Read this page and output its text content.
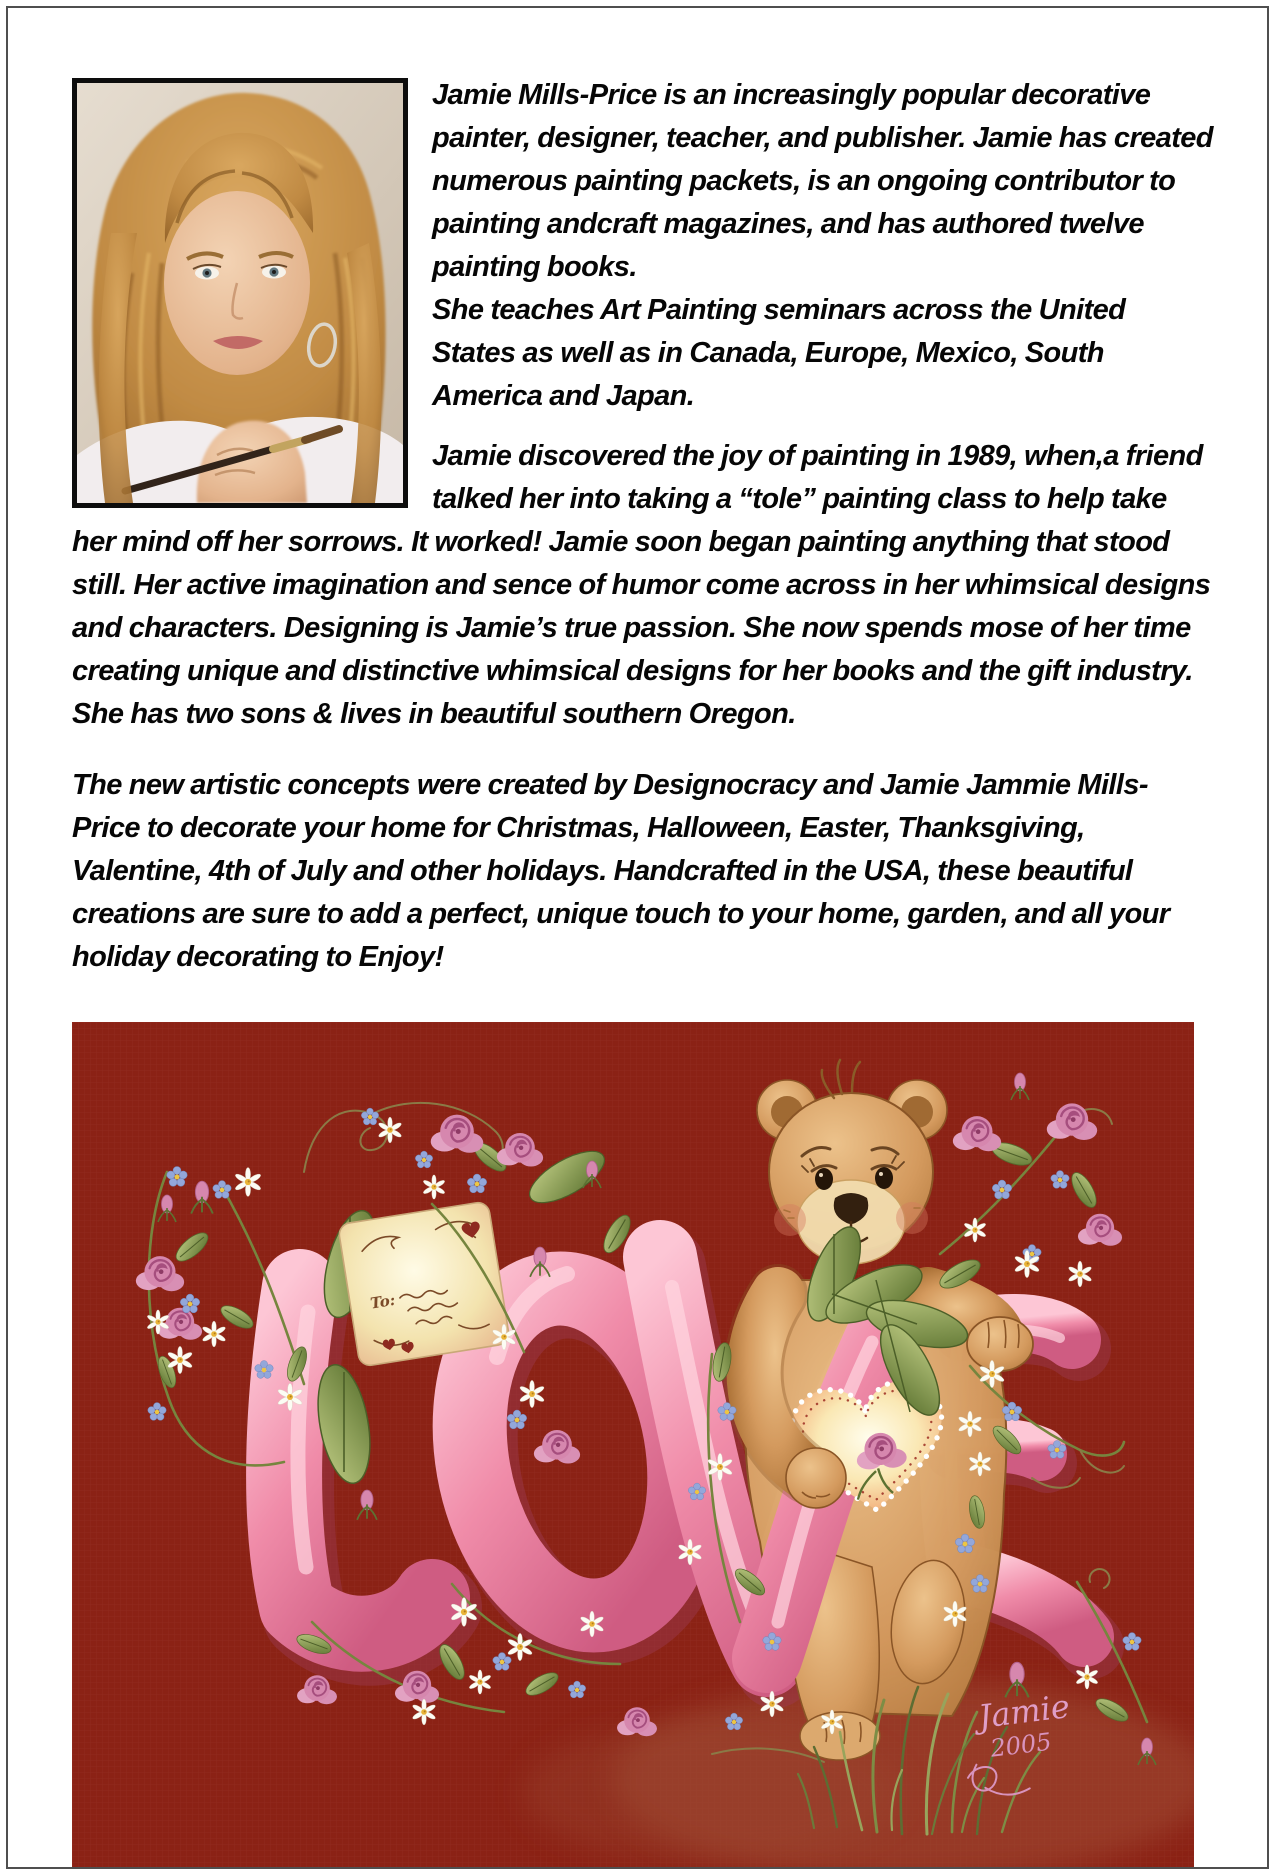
Jamie Mills-Price is an increasingly popular decorative painter, designer, teacher, and publisher. Jamie has created numerous painting packets, is an ongoing contributor to painting andcraft magazines, and has authored twelve painting books.
She teaches Art Painting seminars across the United States as well as in Canada, Europe, Mexico, South America and Japan.

Jamie discovered the joy of painting in 1989, when,a friend talked her into taking a “tole” painting class to help take her mind off her sorrows. It worked! Jamie soon began painting anything that stood still. Her active imagination and sence of humor come across in her whimsical designs and characters. Designing is Jamie’s true passion. She now spends mose of her time creating unique and distinctive whimsical designs for her books and the gift industry. She has two sons & lives in beautiful southern Oregon.

The new artistic concepts were created by Designocracy and Jamie Jammie Mills-Price to decorate your home for Christmas, Halloween, Easter, Thanksgiving, Valentine, 4th of July and other holidays. Handcrafted in the USA, these beautiful creations are sure to add a perfect, unique touch to your home, garden, and all your holiday decorating to Enjoy!

To:
Jamie
2005
